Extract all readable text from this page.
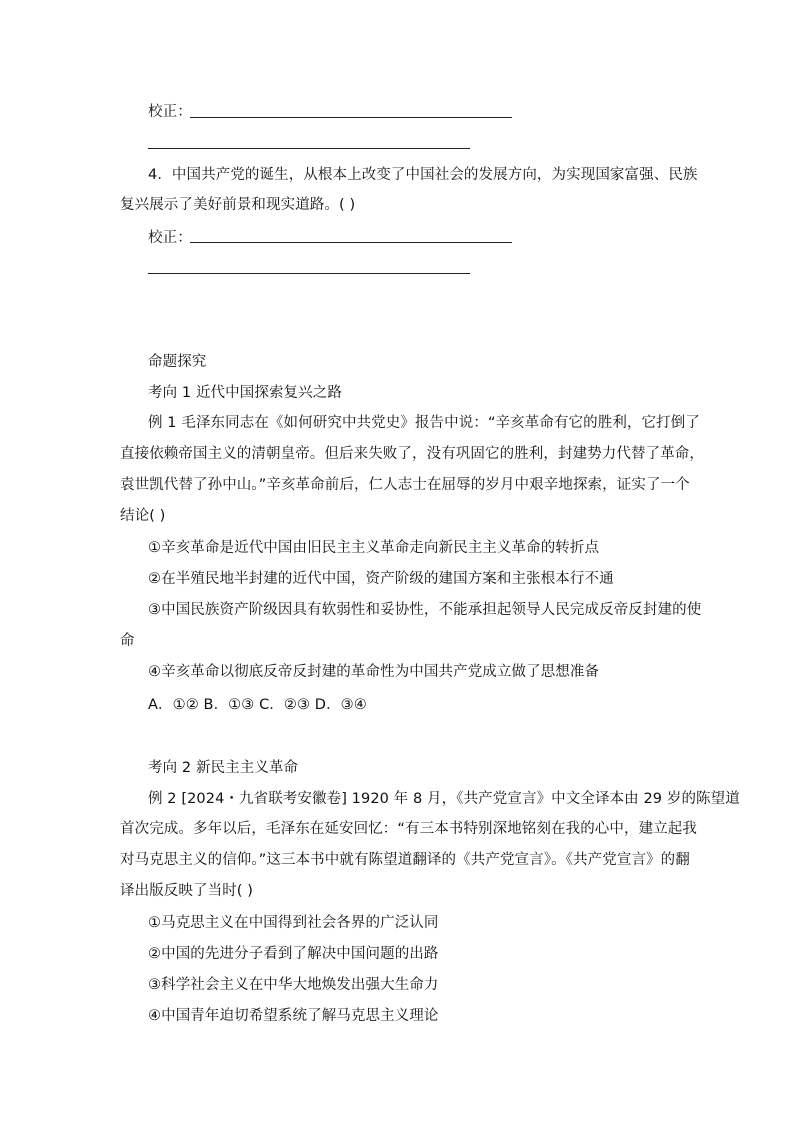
校正：
4．中国共产党的诞生，从根本上改变了中国社会的发展方向，为实现国家富强、民族
复兴展示了美好前景和现实道路。( )
校正：
命题探究
考向 1 近代中国探索复兴之路
例 1 毛泽东同志在《如何研究中共党史》报告中说：“辛亥革命有它的胜利，它打倒了
直接依赖帝国主义的清朝皇帝。但后来失败了，没有巩固它的胜利，封建势力代替了革命，
袁世凯代替了孙中山。”辛亥革命前后，仁人志士在屈辱的岁月中艰辛地探索，证实了一个
结论( )
①辛亥革命是近代中国由旧民主主义革命走向新民主主义革命的转折点
②在半殖民地半封建的近代中国，资产阶级的建国方案和主张根本行不通
③中国民族资产阶级因具有软弱性和妥协性，不能承担起领导人民完成反帝反封建的使
命
④辛亥革命以彻底反帝反封建的革命性为中国共产党成立做了思想准备
A．①② B．①③ C．②③ D．③④
考向 2 新民主主义革命
例 2 [2024・九省联考安徽卷] 1920 年 8 月，《共产党宣言》中文全译本由 29 岁的陈望道
首次完成。多年以后，毛泽东在延安回忆：“有三本书特别深地铭刻在我的心中，建立起我
对马克思主义的信仰。”这三本书中就有陈望道翻译的《共产党宣言》。《共产党宣言》的翻
译出版反映了当时( )
①马克思主义在中国得到社会各界的广泛认同
②中国的先进分子看到了解决中国问题的出路
③科学社会主义在中华大地焕发出强大生命力
④中国青年迫切希望系统了解马克思主义理论
